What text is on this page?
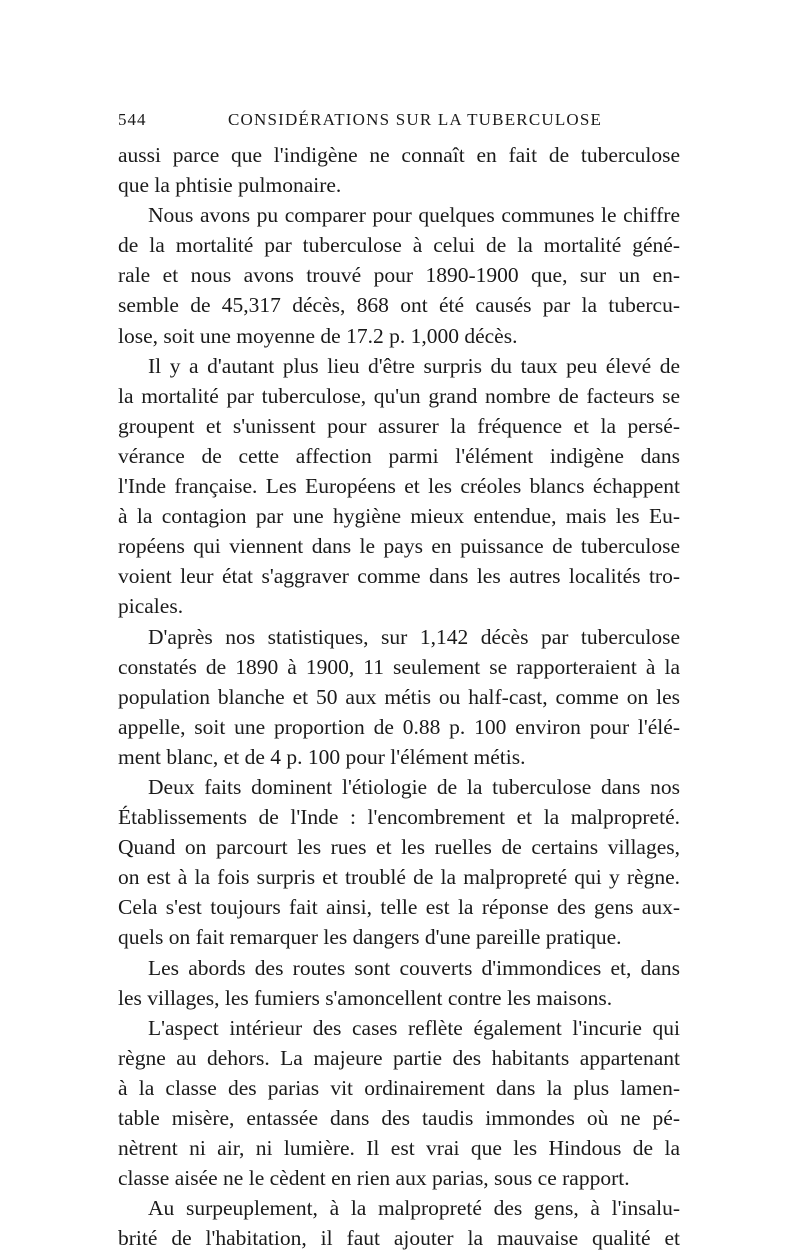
544	CONSIDÉRATIONS SUR LA TUBERCULOSE
aussi parce que l'indigène ne connaît en fait de tuberculose
que la phtisie pulmonaire.
Nous avons pu comparer pour quelques communes le chiffre
de la mortalité par tuberculose à celui de la mortalité géné-
rale et nous avons trouvé pour 1890-1900 que, sur un en-
semble de 45,317 décès, 868 ont été causés par la tubercu-
lose, soit une moyenne de 17.2 p. 1,000 décès.
Il y a d'autant plus lieu d'être surpris du taux peu élevé de
la mortalité par tuberculose, qu'un grand nombre de facteurs se
groupent et s'unissent pour assurer la fréquence et la persé-
vérance de cette affection parmi l'élément indigène dans
l'Inde française. Les Européens et les créoles blancs échappent
à la contagion par une hygiène mieux entendue, mais les Eu-
ropéens qui viennent dans le pays en puissance de tuberculose
voient leur état s'aggraver comme dans les autres localités tro-
picales.
D'après nos statistiques, sur 1,142 décès par tuberculose
constatés de 1890 à 1900, 11 seulement se rapporteraient à la
population blanche et 50 aux métis ou half-cast, comme on les
appelle, soit une proportion de 0.88 p. 100 environ pour l'élé-
ment blanc, et de 4 p. 100 pour l'élément métis.
Deux faits dominent l'étiologie de la tuberculose dans nos
Établissements de l'Inde : l'encombrement et la malpropreté.
Quand on parcourt les rues et les ruelles de certains villages,
on est à la fois surpris et troublé de la malpropreté qui y règne.
Cela s'est toujours fait ainsi, telle est la réponse des gens aux-
quels on fait remarquer les dangers d'une pareille pratique.
Les abords des routes sont couverts d'immondices et, dans
les villages, les fumiers s'amoncellent contre les maisons.
L'aspect intérieur des cases reflète également l'incurie qui
règne au dehors. La majeure partie des habitants appartenant
à la classe des parias vit ordinairement dans la plus lamen-
table misère, entassée dans des taudis immondes où ne pé-
nètrent ni air, ni lumière. Il est vrai que les Hindous de la
classe aisée ne le cèdent en rien aux parias, sous ce rapport.
Au surpeuplement, à la malpropreté des gens, à l'insalu-
brité de l'habitation, il faut ajouter la mauvaise qualité et
